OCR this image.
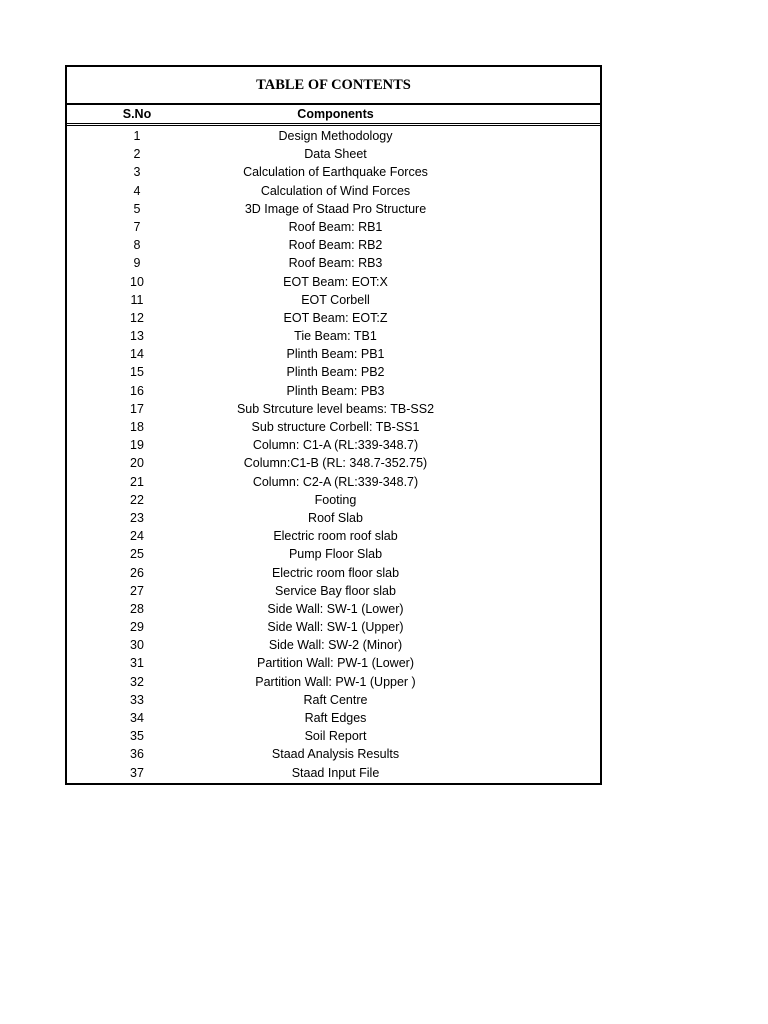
TABLE OF CONTENTS
S.No	Components
1	Design Methodology
2	Data Sheet
3	Calculation of Earthquake Forces
4	Calculation of Wind Forces
5	3D Image of Staad Pro Structure
7	Roof Beam: RB1
8	Roof Beam: RB2
9	Roof Beam: RB3
10	EOT Beam: EOT:X
11	EOT Corbell
12	EOT Beam: EOT:Z
13	Tie Beam: TB1
14	Plinth Beam: PB1
15	Plinth Beam: PB2
16	Plinth Beam: PB3
17	Sub Strcuture level beams: TB-SS2
18	Sub structure Corbell: TB-SS1
19	Column: C1-A (RL:339-348.7)
20	Column:C1-B (RL: 348.7-352.75)
21	Column: C2-A (RL:339-348.7)
22	Footing
23	Roof Slab
24	Electric room roof slab
25	Pump Floor Slab
26	Electric room floor slab
27	Service Bay floor slab
28	Side Wall: SW-1 (Lower)
29	Side Wall: SW-1 (Upper)
30	Side Wall: SW-2 (Minor)
31	Partition Wall: PW-1 (Lower)
32	Partition Wall: PW-1 (Upper )
33	Raft Centre
34	Raft Edges
35	Soil Report
36	Staad Analysis Results
37	Staad Input File
